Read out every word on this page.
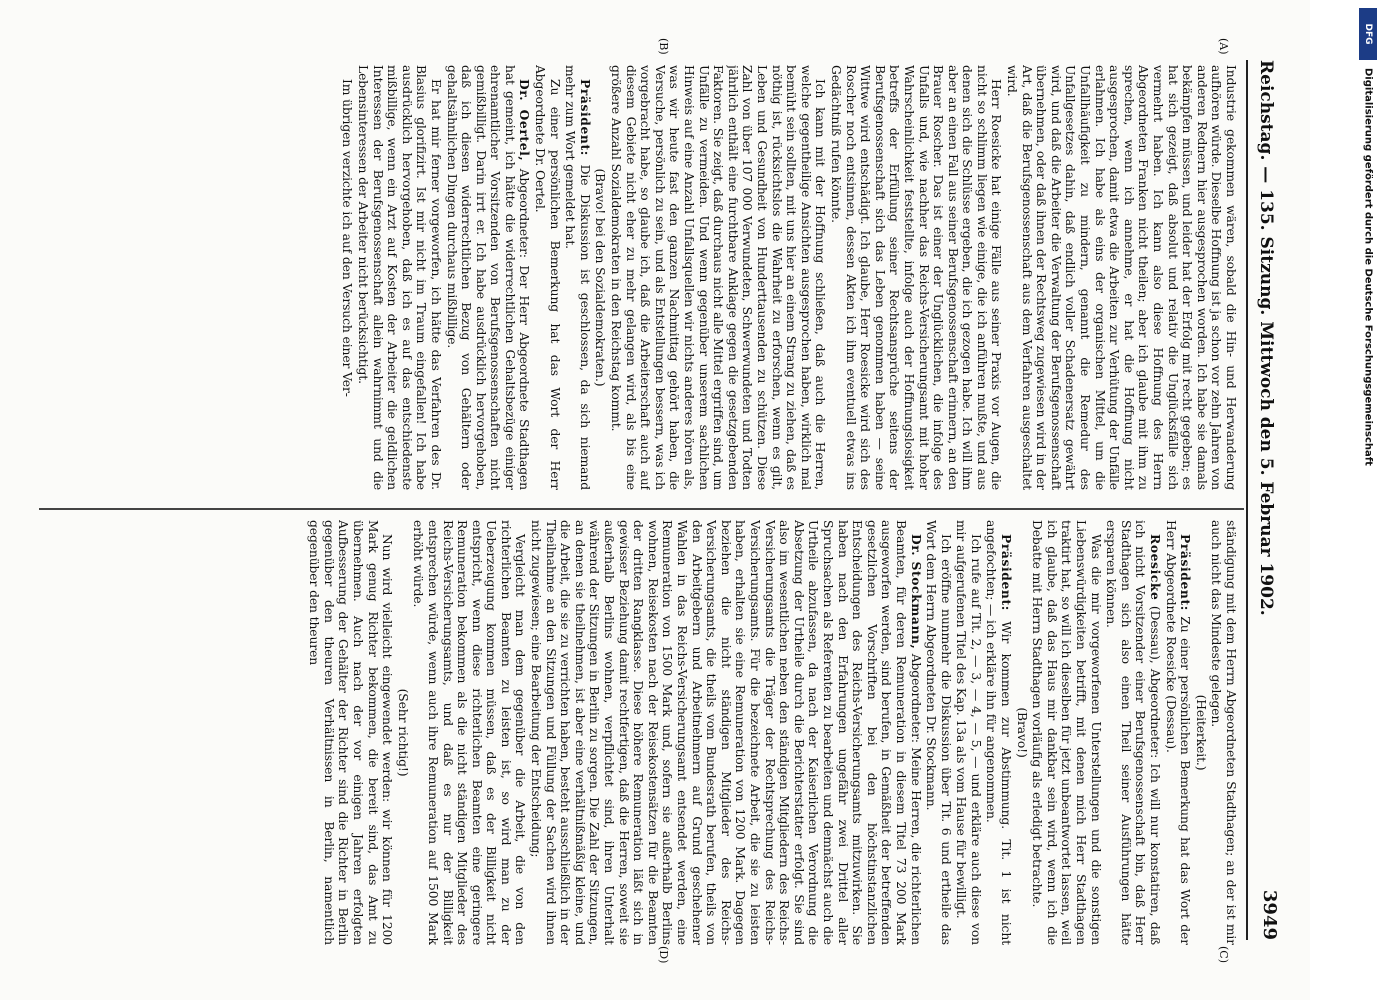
Reichstag. — 135. Sitzung. Mittwoch den 5. Februar 1902.
3949
(A)
(B)
(C)
(D)

Industrie gekommen wären, sobald die Hin- und Herwanderung aufhören würde. Dieselbe Hoffnung ist ja schon vor zehn Jahren von anderen Rednern hier ausgesprochen worden. Ich habe sie damals bekämpfen müssen, und leider hat der Erfolg mit recht gegeben; es hat sich gezeigt, daß absolut und relativ die Unglücksfälle sich vermehrt haben. Ich kann also diese Hoffnung des Herrn Abgeordneten Franken nicht theilen; aber ich glaube mit ihm zu sprechen, wenn ich annehme, er hat die Hoffnung nicht ausgesprochen, damit etwa die Arbeiten zur Verhütung der Unfälle erlahmen. Ich habe als eins der organischen Mittel, um die Unfallhäufigkeit zu mindern, genannt die Remedur des Unfallgesetzes dahin, daß endlich voller Schadenersatz gewährt wird, und daß die Arbeiter die Verwaltung der Berufsgenossenschaft übernehmen, oder daß ihnen der Rechtsweg zugewiesen wird in der Art, daß die Berufsgenossenschaft aus dem Verfahren ausgeschaltet wird.

Herr Roesicke hat einige Fälle aus seiner Praxis vor Augen, die nicht so schlimm liegen wie einige, die ich anführen mußte, und aus denen sich die Schlüsse ergeben, die ich gezogen habe. Ich will ihm aber an einen Fall aus seiner Berufsgenossenschaft erinnern, an den Brauer Roscher. Das ist einer der Unglücklichen, die infolge des Unfalls und, wie nachher das Reichs-Versicherungsamt mit hoher Wahrscheinlichkeit feststellte, infolge auch der Hoffnungslosigkeit betreffs der Erfüllung seiner Rechtsansprüche seitens der Berufsgenossenschaft sich das Leben genommen haben — seine Wittwe wird entschädigt. Ich glaube, Herr Roesicke wird sich des Roscher noch entsinnen, dessen Akten ich ihm eventuell etwas ins Gedächtniß rufen könnte.

Ich kann mit der Hoffnung schließen, daß auch die Herren, welche gegentheilige Ansichten ausgesprochen haben, wirklich mal bemüht sein sollten, mit uns hier an einem Strang zu ziehen, daß es nöthig ist, rücksichtslos die Wahrheit zu erforschen, wenn es gilt, Leben und Gesundheit von Hunderttausenden zu schützen. Diese Zahl von über 107 000 Verwundeten, Schwerwundeten und Todten jährlich enthält eine furchtbare Anklage gegen die gesetzgebenden Faktoren. Sie zeigt, daß durchaus nicht alle Mittel ergriffen sind, um Unfälle zu vermeiden. Und wenn gegenüber unserem sachlichen Hinweis auf eine Anzahl Unfallsquellen wir nichts anderes hören als, was wir heute fast den ganzen Nachmittag gehört haben, die Versuche, persönlich zu sein, und als Entstellungen bessern, was ich vorgebracht habe, so glaube ich, daß die Arbeiterschaft auch auf diesem Gebiete nicht eher zu mehr gelangen wird, als bis eine größere Anzahl Sozialdemokraten in den Reichstag kommt.

(Bravo! bei den Sozialdemokraten.)

Präsident: Die Diskussion ist geschlossen, da sich niemand mehr zum Wort gemeldet hat.

Zu einer persönlichen Bemerkung hat das Wort der Herr Abgeordnete Dr. Oertel.

Dr. Oertel, Abgeordneter: Der Herr Abgeordnete Stadthagen hat gemeint, ich hätte die widerrechtlichen Gehaltsbezüge einiger ehrenamtlicher Vorsitzenden von Berufsgenossenschaften nicht gemißbilligt. Darin irrt er. Ich habe ausdrücklich hervorgehoben, daß ich diesen widerrechtlichen Bezug von Gehältern oder gehaltsähnlichen Dingen durchaus mißbillige.

Er hat mir ferner vorgeworfen, ich hätte das Verfahren des Dr. Blasius glorifizirt. Ist mir nicht im Traum eingefallen! Ich habe ausdrücklich hervorgehoben, daß ich es auf das entschiedenste mißbillige, wenn ein Arzt auf Kosten der Arbeiter die geldlichen Interessen der Berufsgenossenschaft allein wahrnimmt und die Lebensinteressen der Arbeiter nicht berücksichtigt.

Im übrigen verzichte ich auf den Versuch einer Ver-

ständigung mit dem Herrn Abgeordneten Stadthagen; an der ist mir auch nicht das Mindeste gelegen.

(Heiterkeit.)

Präsident: Zu einer persönlichen Bemerkung hat das Wort der Herr Abgeordnete Roesicke (Dessau).

Roesicke (Dessau), Abgeordneter: Ich will nur konstatiren, daß ich nicht Vorsitzender einer Berufsgenossenschaft bin, daß Herr Stadthagen sich also einen Theil seiner Ausführungen hätte ersparen können.

Was die mir vorgeworfenen Unterstellungen und die sonstigen Liebenswürdigkeiten betrifft, mit denen mich Herr Stadthagen traktirt hat, so will ich dieselben für jetzt unbeantwortet lassen, weil ich glaube, daß das Haus mir dankbar sein wird, wenn ich die Debatte mit Herrn Stadthagen vorläufig als erledigt betrachte.

(Bravo!)

Präsident: Wir kommen zur Abstimmung. Tit. 1 ist nicht angefochten; — ich erkläre ihn für angenommen.

Ich rufe auf Tit. 2, — 3, — 4, — 5, — und erkläre auch diese von mir aufgerufenen Titel des Kap. 13a als vom Hause für bewilligt.

Ich eröffne nunmehr die Diskussion über Tit. 6 und ertheile das Wort dem Herrn Abgeordneten Dr. Stockmann.

Dr. Stockmann, Abgeordneter: Meine Herren, die richterlichen Beamten, für deren Remuneration in diesem Titel 73 200 Mark ausgeworfen werden, sind berufen, in Gemäßheit der betreffenden gesetzlichen Vorschriften bei den höchstinstanzlichen Entscheidungen des Reichs-Versicherungsamts mitzuwirken. Sie haben nach den Erfahrungen ungefähr zwei Drittel aller Spruchsachen als Referenten zu bearbeiten und demnächst auch die Urtheile abzufassen, da nach der Kaiserlichen Verordnung die Absetzung der Urtheile durch die Berichterstatter erfolgt. Sie sind also im wesentlichen neben den ständigen Mitgliedern des Reichs-Versicherungsamts die Träger der Rechtsprechung des Reichs-Versicherungsamts. Für die bezeichnete Arbeit, die sie zu leisten haben, erhalten sie eine Remuneration von 1200 Mark. Dagegen beziehen die nicht ständigen Mitglieder des Reichs-Versicherungsamts, die theils vom Bundesrath berufen, theils von den Arbeitgebern und Arbeitnehmern auf Grund geschehener Wahlen in das Reichs-Versicherungsamt entsendet werden, eine Remuneration von 1500 Mark und, sofern sie außerhalb Berlins wohnen, Reisekosten nach der Reisekostensätzen für die Beamten der dritten Rangklasse. Diese höhere Remuneration läßt sich in gewisser Beziehung damit rechtfertigen, daß die Herren, soweit sie außerhalb Berlins wohnen, verpflichtet sind, ihren Unterhalt während der Sitzungen in Berlin zu sorgen. Die Zahl der Sitzungen, an denen sie theilnehmen, ist aber eine verhältnißmäßig kleine, und die Arbeit, die sie zu verrichten haben, besteht ausschließlich in der Theilnahme an den Sitzungen und Füllung der Sachen wird ihnen nicht zugewiesen; eine Bearbeitung der Entscheidung;

Vergleicht man dem gegenüber die Arbeit, die von den richterlichen Beamten zu leisten ist, so wird man zu der Ueberzeugung kommen müssen, daß es der Billigkeit nicht entspricht, wenn diese richterlichen Beamten eine geringere Remuneration bekommen als die nicht ständigen Mitglieder des Reichs-Versicherungsamts, und daß es nur der Billigkeit entsprechen würde, wenn auch ihre Remuneration auf 1500 Mark erhöht würde.

(Sehr richtig!)

Nun wird vielleicht eingewendet werden: wir können für 1200 Mark genug Richter bekommen, die bereit sind, das Amt zu übernehmen. Auch nach der vor einigen Jahren erfolgten Aufbesserung der Gehälter der Richter sind die Richter in Berlin gegenüber den theuren Verhältnissen in Berlin, namentlich gegenüber den theuren

DFG
Digitalisierung gefördert durch die Deutsche Forschungsgemeinschaft
